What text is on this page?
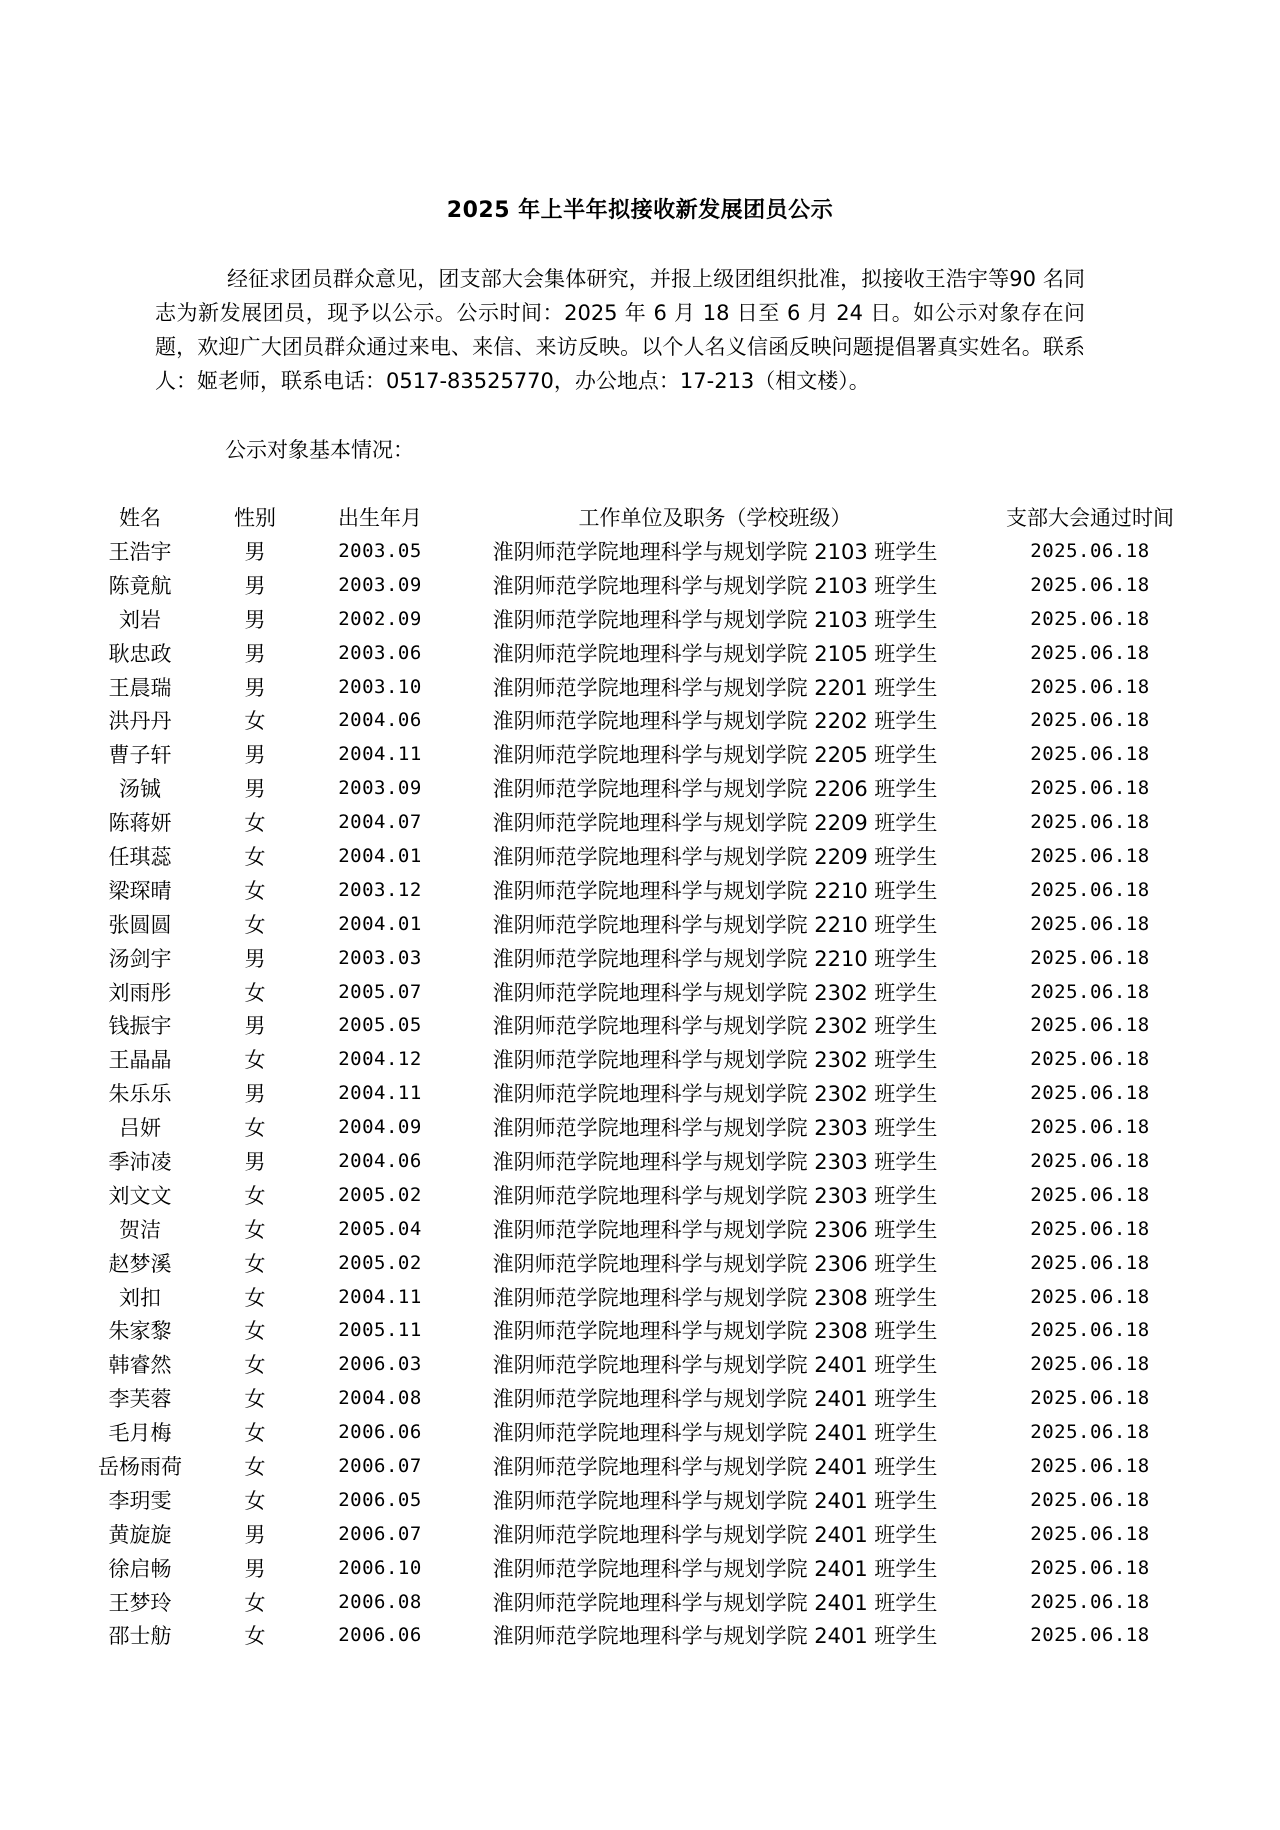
2025 年上半年拟接收新发展团员公示

经征求团员群众意见，团支部大会集体研究，并报上级团组织批准，拟接收王浩宇等90 名同志为新发展团员，现予以公示。公示时间：2025 年 6 月 18 日至 6 月 24 日。如公示对象存在问题，欢迎广大团员群众通过来电、来信、来访反映。以个人名义信函反映问题提倡署真实姓名。联系人：姬老师，联系电话：0517-83525770，办公地点：17-213（相文楼）。

公示对象基本情况：
姓名	性别	出生年月	工作单位及职务（学校班级）	支部大会通过时间
王浩宇	男	2003.05	淮阴师范学院地理科学与规划学院 2103 班学生	2025.06.18
陈竟航	男	2003.09	淮阴师范学院地理科学与规划学院 2103 班学生	2025.06.18
刘岩	男	2002.09	淮阴师范学院地理科学与规划学院 2103 班学生	2025.06.18
耿忠政	男	2003.06	淮阴师范学院地理科学与规划学院 2105 班学生	2025.06.18
王晨瑞	男	2003.10	淮阴师范学院地理科学与规划学院 2201 班学生	2025.06.18
洪丹丹	女	2004.06	淮阴师范学院地理科学与规划学院 2202 班学生	2025.06.18
曹子轩	男	2004.11	淮阴师范学院地理科学与规划学院 2205 班学生	2025.06.18
汤铖	男	2003.09	淮阴师范学院地理科学与规划学院 2206 班学生	2025.06.18
陈蒋妍	女	2004.07	淮阴师范学院地理科学与规划学院 2209 班学生	2025.06.18
任琪蕊	女	2004.01	淮阴师范学院地理科学与规划学院 2209 班学生	2025.06.18
梁琛晴	女	2003.12	淮阴师范学院地理科学与规划学院 2210 班学生	2025.06.18
张圆圆	女	2004.01	淮阴师范学院地理科学与规划学院 2210 班学生	2025.06.18
汤剑宇	男	2003.03	淮阴师范学院地理科学与规划学院 2210 班学生	2025.06.18
刘雨彤	女	2005.07	淮阴师范学院地理科学与规划学院 2302 班学生	2025.06.18
钱振宇	男	2005.05	淮阴师范学院地理科学与规划学院 2302 班学生	2025.06.18
王晶晶	女	2004.12	淮阴师范学院地理科学与规划学院 2302 班学生	2025.06.18
朱乐乐	男	2004.11	淮阴师范学院地理科学与规划学院 2302 班学生	2025.06.18
吕妍	女	2004.09	淮阴师范学院地理科学与规划学院 2303 班学生	2025.06.18
季沛凌	男	2004.06	淮阴师范学院地理科学与规划学院 2303 班学生	2025.06.18
刘文文	女	2005.02	淮阴师范学院地理科学与规划学院 2303 班学生	2025.06.18
贺洁	女	2005.04	淮阴师范学院地理科学与规划学院 2306 班学生	2025.06.18
赵梦溪	女	2005.02	淮阴师范学院地理科学与规划学院 2306 班学生	2025.06.18
刘扣	女	2004.11	淮阴师范学院地理科学与规划学院 2308 班学生	2025.06.18
朱家黎	女	2005.11	淮阴师范学院地理科学与规划学院 2308 班学生	2025.06.18
韩睿然	女	2006.03	淮阴师范学院地理科学与规划学院 2401 班学生	2025.06.18
李芙蓉	女	2004.08	淮阴师范学院地理科学与规划学院 2401 班学生	2025.06.18
毛月梅	女	2006.06	淮阴师范学院地理科学与规划学院 2401 班学生	2025.06.18
岳杨雨荷	女	2006.07	淮阴师范学院地理科学与规划学院 2401 班学生	2025.06.18
李玥雯	女	2006.05	淮阴师范学院地理科学与规划学院 2401 班学生	2025.06.18
黄旋旋	男	2006.07	淮阴师范学院地理科学与规划学院 2401 班学生	2025.06.18
徐启畅	男	2006.10	淮阴师范学院地理科学与规划学院 2401 班学生	2025.06.18
王梦玲	女	2006.08	淮阴师范学院地理科学与规划学院 2401 班学生	2025.06.18
邵士舫	女	2006.06	淮阴师范学院地理科学与规划学院 2401 班学生	2025.06.18
